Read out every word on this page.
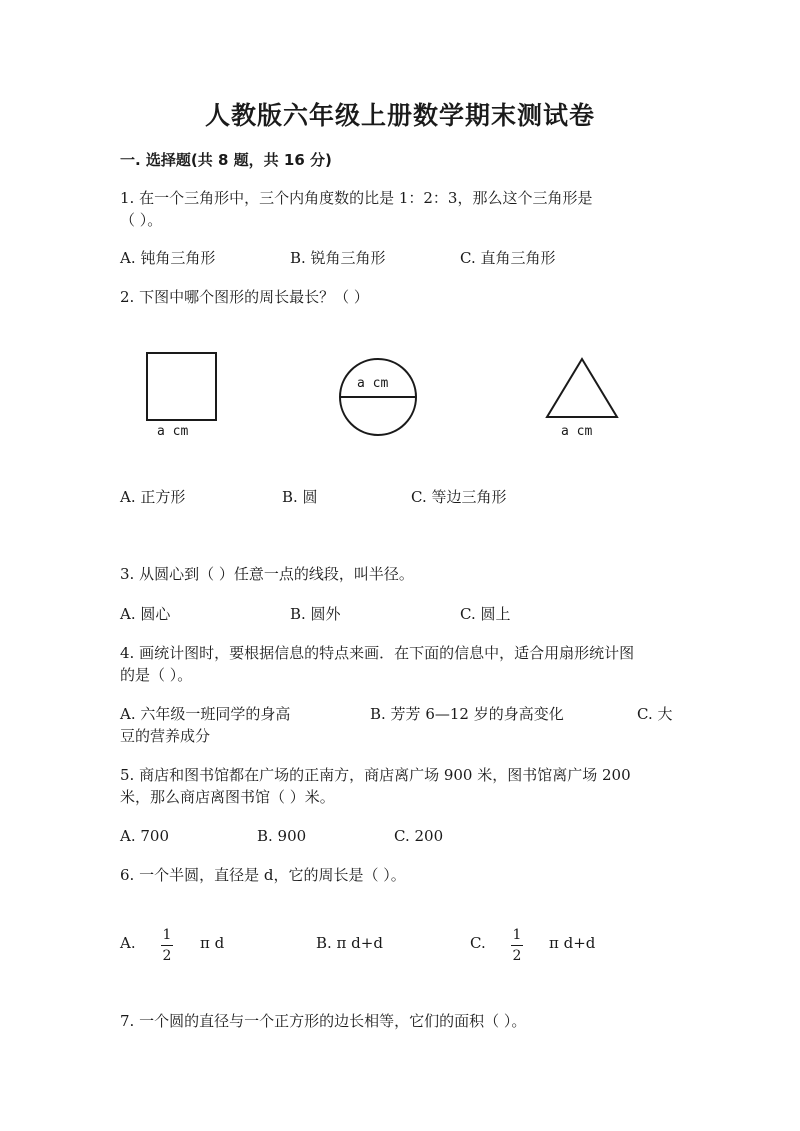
人教版六年级上册数学期末测试卷
一. 选择题(共 8 题，共 16 分)
1. 在一个三角形中，三个内角度数的比是 1：2：3，那么这个三角形是
（ ）。
A. 钝角三角形	B. 锐角三角形	C. 直角三角形
2. 下图中哪个图形的周长最长？（ ）
a cm
a cm
a cm
A. 正方形	B. 圆	C. 等边三角形
3. 从圆心到（ ）任意一点的线段，叫半径。
A. 圆心	B. 圆外	C. 圆上
4. 画统计图时，要根据信息的特点来画．在下面的信息中，适合用扇形统计图
的是（ ）。
A. 六年级一班同学的身高	B. 芳芳 6—12 岁的身高变化	C. 大
豆的营养成分
5. 商店和图书馆都在广场的正南方，商店离广场 900 米，图书馆离广场 200
米，那么商店离图书馆（ ）米。
A. 700	B. 900	C. 200
6. 一个半圆，直径是 d，它的周长是（ ）。
A. 1
2
π d	B. π d+d	C. 1
2
π d+d
7. 一个圆的直径与一个正方形的边长相等，它们的面积（ ）。
